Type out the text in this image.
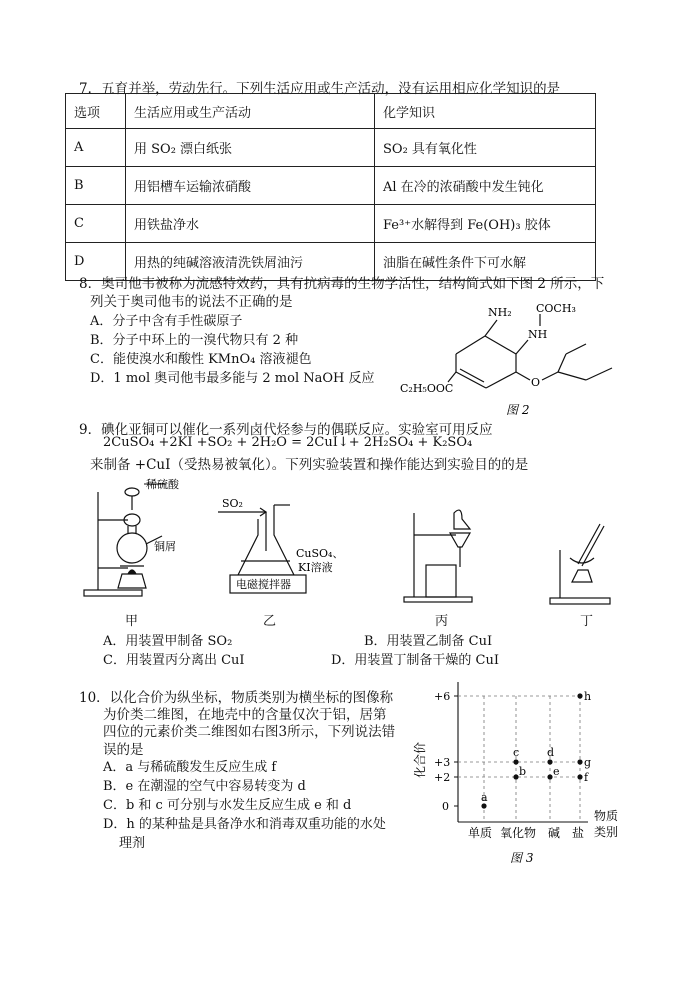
7．五育并举，劳动先行。下列生活应用或生产活动，没有运用相应化学知识的是
选项	生活应用或生产活动	化学知识
A	用 SO₂ 漂白纸张	SO₂ 具有氧化性
B	用铝槽车运输浓硝酸	Al 在冷的浓硝酸中发生钝化
C	用铁盐净水	Fe³⁺水解得到 Fe(OH)₃ 胶体
D	用热的纯碱溶液清洗铁屑油污	油脂在碱性条件下可水解
8．奥司他韦被称为流感特效药，具有抗病毒的生物学活性，结构简式如下图 2 所示，下
列关于奥司他韦的说法不正确的是
A．分子中含有手性碳原子
B．分子中环上的一溴代物只有 2 种
C．能使溴水和酸性 KMnO₄ 溶液褪色
D．1 mol 奥司他韦最多能与 2 mol NaOH 反应
NH₂ COCH₃
NH
C₂H₅OOC	O
图 2
9．碘化亚铜可以催化一系列卤代烃参与的偶联反应。实验室可用反应
2CuSO₄ +2KI +SO₂ + 2H₂O = 2CuI↓+ 2H₂SO₄ + K₂SO₄
来制备 +CuI（受热易被氧化）。下列实验装置和操作能达到实验目的的是
稀硫酸
铜屑
SO₂
CuSO₄、
KI溶液
电磁搅拌器
甲	乙	丙	丁
A．用装置甲制备 SO₂	B．用装置乙制备 CuI
C．用装置丙分离出 CuI	D．用装置丁制备干燥的 CuI
10．以化合价为纵坐标，物质类别为横坐标的图像称
为价类二维图，在地壳中的含量仅次于铝，居第
四位的元素价类二维图如右图3所示，下列说法错
误的是
A．a 与稀硫酸发生反应生成 f
B．e 在潮湿的空气中容易转变为 d
C．b 和 c 可分别与水发生反应生成 e 和 d
D．h 的某种盐是具备净水和消毒双重功能的水处
理剂
+6
+3
+2
0
化合价
物质
类别
单质 氧化物 碱 盐
a
b
c	d
e f
g
h
图 3
